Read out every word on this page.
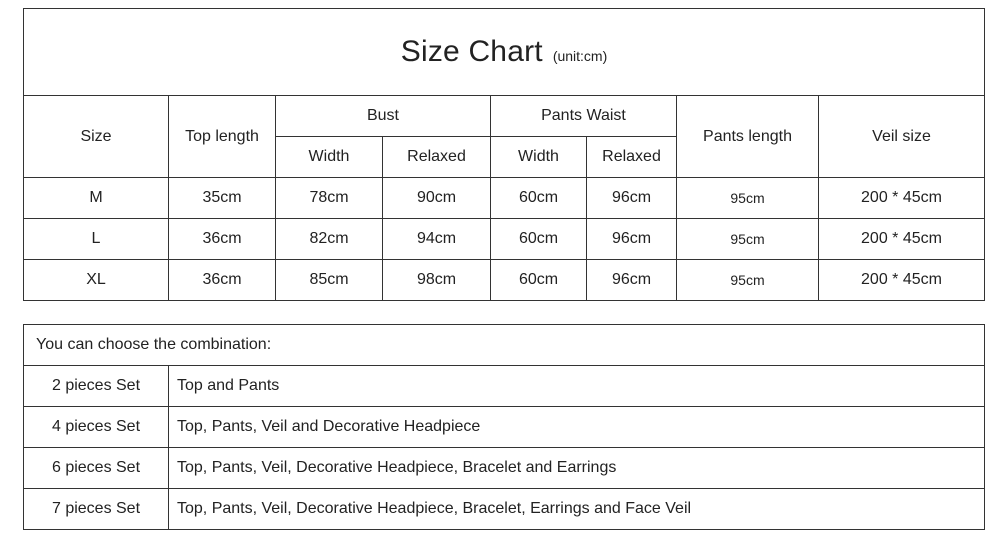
Size Chart (unit:cm)							
Size	Top length	Bust		Pants Waist		Pants length	Veil size
		Width	Relaxed	Width	Relaxed		
M	35cm	78cm	90cm	60cm	96cm	95cm	200 * 45cm
L	36cm	82cm	94cm	60cm	96cm	95cm	200 * 45cm
XL	36cm	85cm	98cm	60cm	96cm	95cm	200 * 45cm
You can choose the combination:	
2 pieces Set	Top and Pants
4 pieces Set	Top, Pants, Veil and Decorative Headpiece
6 pieces Set	Top, Pants, Veil, Decorative Headpiece, Bracelet and Earrings
7 pieces Set	Top, Pants, Veil, Decorative Headpiece, Bracelet, Earrings and Face Veil
